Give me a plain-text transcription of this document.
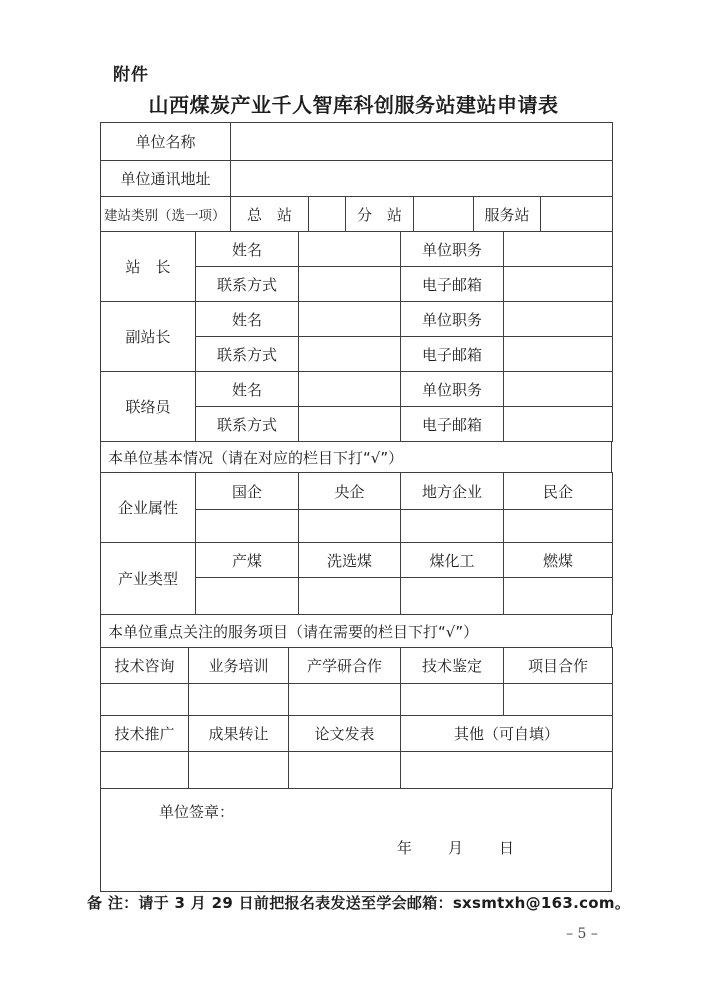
附件
山西煤炭产业千人智库科创服务站建站申请表
单位名称	
单位通讯地址	
建站类别（选一项）	总　站		分　站		服务站	
站　长	姓名		单位职务	
	联系方式		电子邮箱	
副站长	姓名		单位职务	
	联系方式		电子邮箱	
联络员	姓名		单位职务	
	联系方式		电子邮箱	
本单位基本情况（请在对应的栏目下打“√”）
企业属性	国企	央企	地方企业	民企

产业类型	产煤	洗选煤	煤化工	燃煤

本单位重点关注的服务项目（请在需要的栏目下打“√”）
技术咨询	业务培训	产学研合作	技术鉴定	项目合作

技术推广	成果转让	论文发表	其他（可自填）

单位签章：
年　　月　　日
备 注：请于 3 月 29 日前把报名表发送至学会邮箱：sxsmtxh@163.com。
– 5 –
